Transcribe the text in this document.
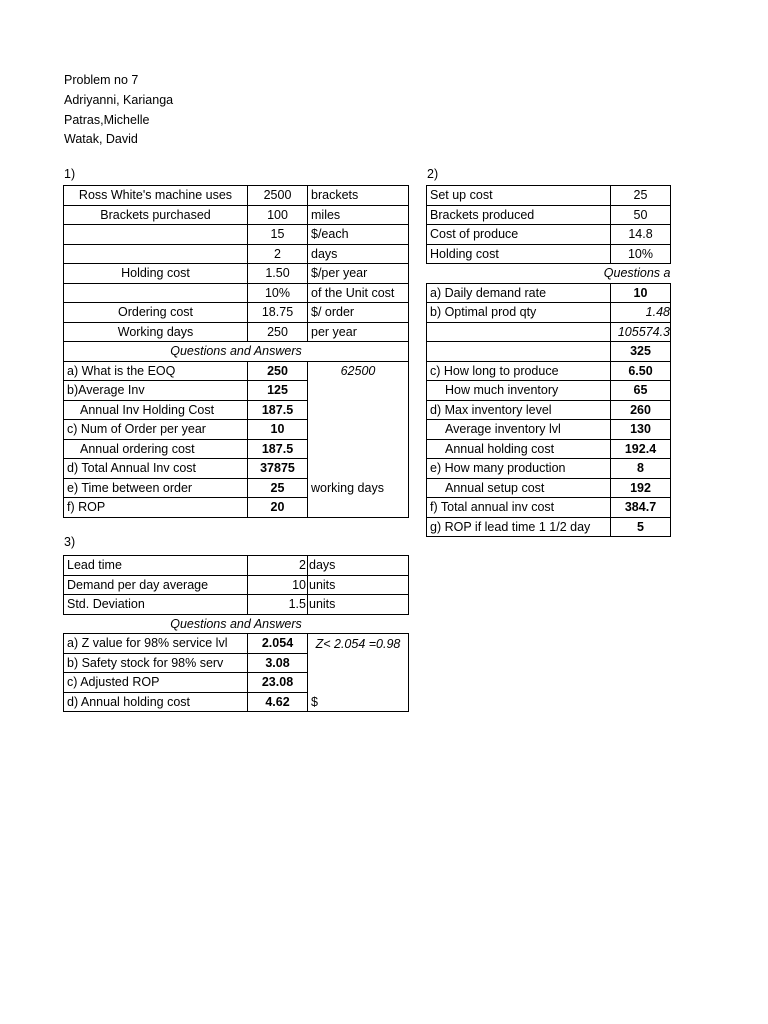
Problem no 7
Adriyanni, Karianga
Patras,Michelle
Watak, David
1)	2)
3)
Ross White's machine uses	2500	brackets
Brackets purchased	100	miles
	15	$/each
	2	days
Holding cost	1.50	$/per year
	10%	of the Unit cost
Ordering cost	18.75	$/ order
Working days	250	per year
Questions and Answers		
a) What is the EOQ	250	62500
b)Average Inv	125	
Annual Inv Holding Cost	187.5	
c) Num of Order per year	10	
Annual ordering cost	187.5	
d) Total Annual Inv cost	37875	
e) Time between order	25	working days
f) ROP	20	
Set up cost	25
Brackets produced	50
Cost of produce	14.8
Holding cost	10%
Questions a	
a) Daily demand rate	10
b) Optimal prod qty	1.48
	105574.3
	325
c) How long to produce	6.50
How much inventory	65
d) Max inventory level	260
Average inventory lvl	130
Annual holding cost	192.4
e) How many production	8
Annual setup cost	192
f) Total annual inv cost	384.7
g) ROP if lead time 1 1/2 day	5
Lead time	2	days
Demand per day average	10	units
Std. Deviation	1.5	units
Questions and Answers		
a) Z value for 98% service lvl	2.054	Z< 2.054 =0.98
b) Safety stock for 98% serv	3.08	
c) Adjusted ROP	23.08	
d) Annual holding cost	4.62	$
